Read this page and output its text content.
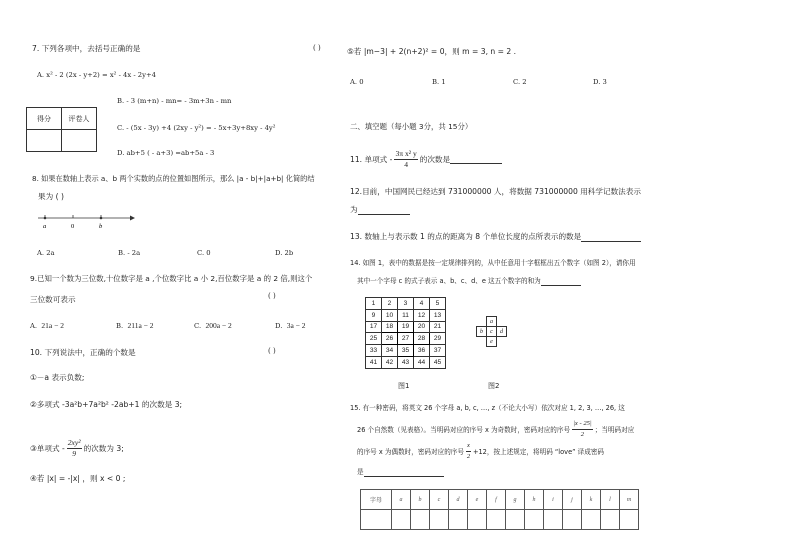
7. 下列各项中，去括号正确的是	( )
A. x² - 2 (2x - y+2) = x² - 4x - 2y+4
B. - 3 (m+n) - mn= - 3m+3n - mn
C. - (5x - 3y) +4 (2xy - y²) = - 5x+3y+8xy - 4y²
D. ab+5 ( - a+3) =ab+5a - 3
得分	评卷人

8. 如果在数轴上表示 a、b 两个实数的点的位置如图所示，那么 |a - b|+|a+b| 化简的结
果为 ( )
a	0	b
A. 2a	B. - 2a	C. 0	D. 2b
9.已知一个数为三位数,十位数字是 a ,个位数字比 a 小 2,百位数字是 a 的 2 倍,则这个
三位数可表示	( )
A. 21a − 2	B. 211a − 2	C. 200a − 2	D. 3a − 2
10. 下列说法中，正确的个数是	( )
①－a 表示负数;
②多项式 -3a²b+7a²b² -2ab+1 的次数是 3;
③单项式 -
2xy²
9
的次数为 3;
④若 |x| = -|x| ，则 x < 0 ;
⑤若 |m−3| + 2(n+2)² = 0，则 m = 3, n = 2 .
A. 0	B. 1	C. 2	D. 3
二、填空题（每小题 3分，共 15分）
11. 单项式 -
3π x² y
4
的次数是
12.目前，中国网民已经达到 731000000 人，将数据 731000000 用科学记数法表示
为
13. 数轴上与表示数 1 的点的距离为 8 个单位长度的点所表示的数是
14. 如图 1，表中的数据是按一定规律排列的，从中任意用十字框框出五个数字（如图 2），请你用
其中一个字母 c 的式子表示 a、b、c、d、e 这五个数字的和为
1	2	3	4	5
9	10	11	12	13
17	18	19	20	21
25	26	27	28	29
33	34	35	36	37
41	42	43	44	45
	a	
b	c	d
	e	
图1	图2
15. 有一种密码，将英文 26 个字母 a, b, c, …, z（不论大小写）依次对应 1, 2, 3, …, 26, 这
26 个自然数（见表格）。当明码对应的序号 x 为奇数时，密码对应的序号
|x - 25|
2
；当明码对应
的序号 x 为偶数时，密码对应的序号
x
2
+12，按上述规定，将明码 “love” 译成密码
是
字母	a	b	c	d	e	f	g	h	i	j	k	l	m
